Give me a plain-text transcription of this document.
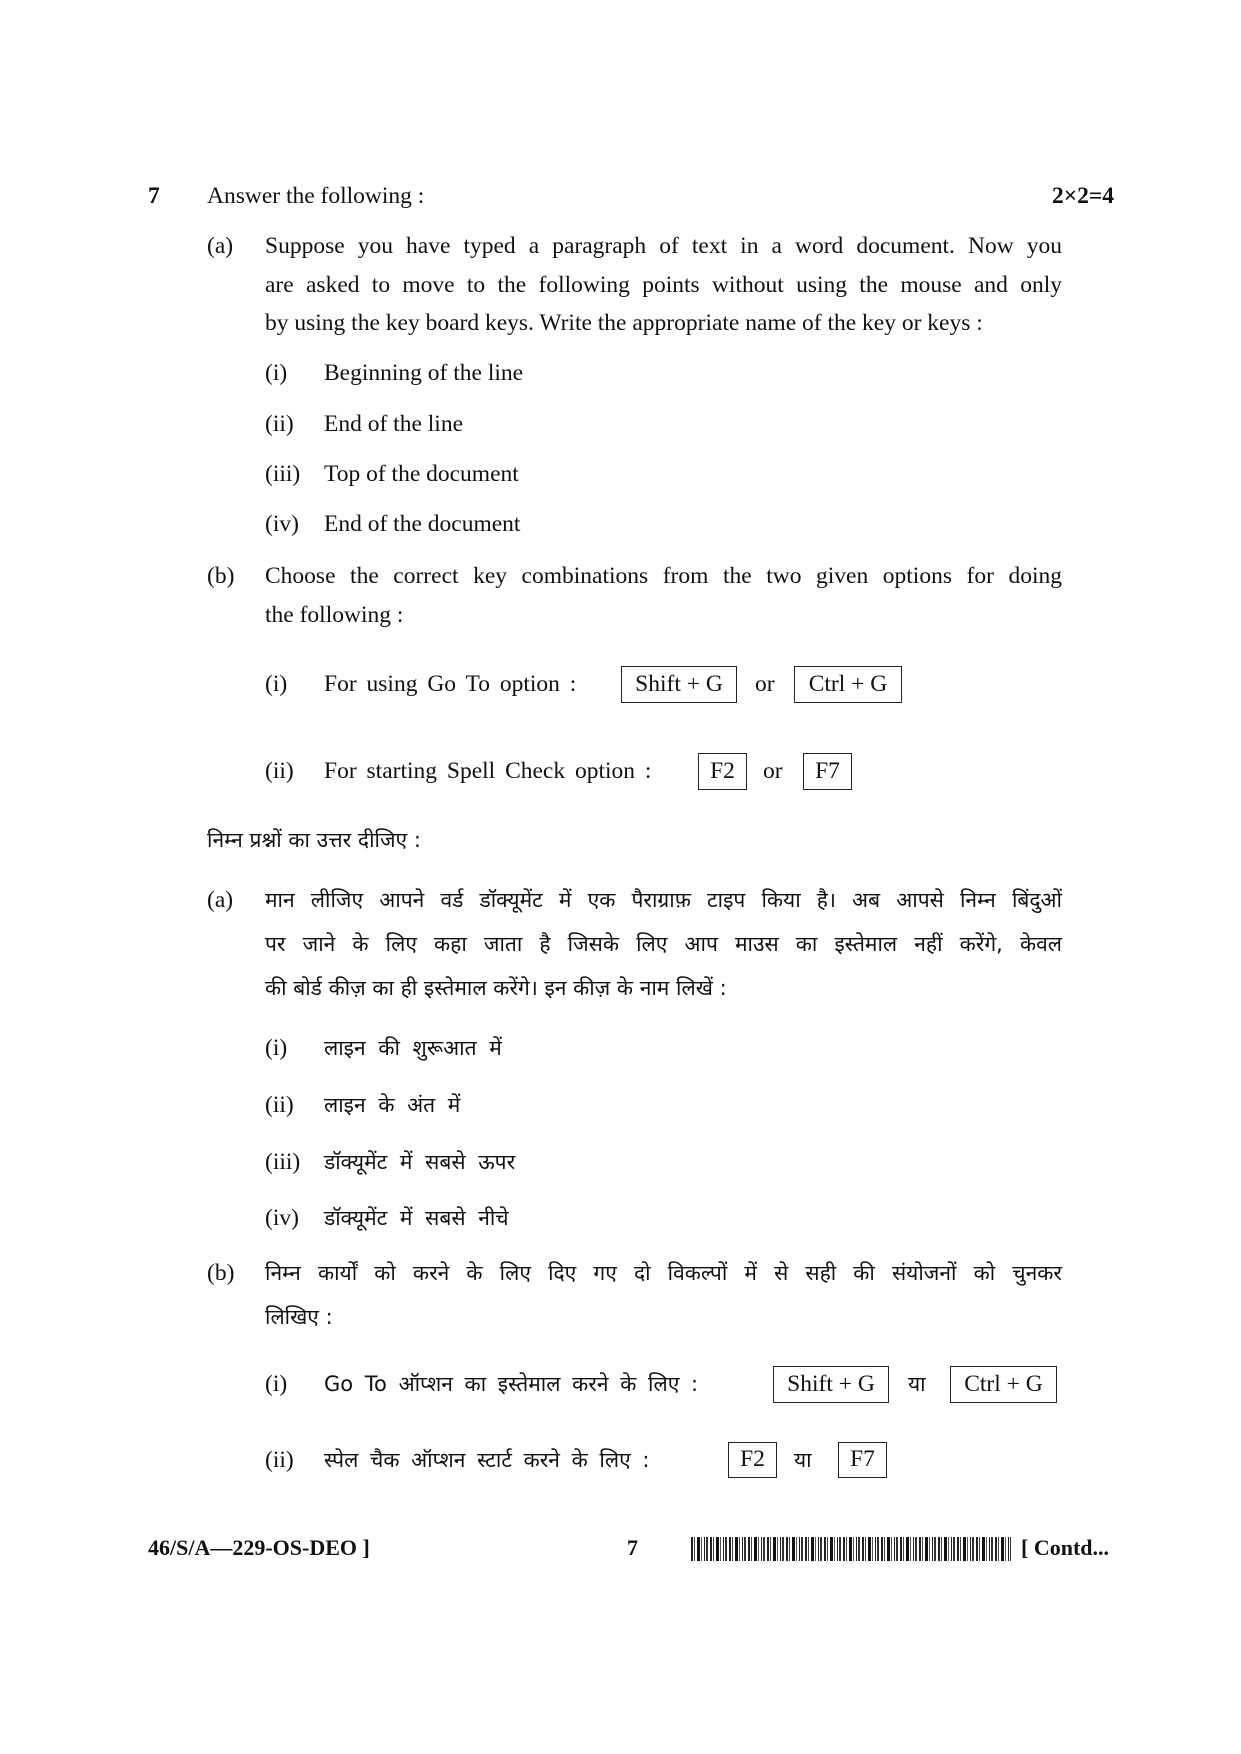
7 Answer the following :	2×2=4
(a) Suppose you have typed a paragraph of text in a word document. Now you
are asked to move to the following points without using the mouse and only
by using the key board keys. Write the appropriate name of the key or keys :
(i) Beginning of the line
(ii) End of the line
(iii) Top of the document
(iv) End of the document
(b) Choose the correct key combinations from the two given options for doing
the following :
(i) For using Go To option :	Shift + G	or	Ctrl + G
(ii) For starting Spell Check option :	F2	or	F7
निम्न प्रश्नों का उत्तर दीजिए :
(a) मान लीजिए आपने वर्ड डॉक्यूमेंट में एक पैराग्राफ़ टाइप किया है। अब आपसे निम्न बिंदुओं
पर जाने के लिए कहा जाता है जिसके लिए आप माउस का इस्तेमाल नहीं करेंगे, केवल
की बोर्ड कीज़ का ही इस्तेमाल करेंगे। इन कीज़ के नाम लिखें :
(i) लाइन की शुरूआत में
(ii) लाइन के अंत में
(iii) डॉक्यूमेंट में सबसे ऊपर
(iv) डॉक्यूमेंट में सबसे नीचे
(b) निम्न कार्यों को करने के लिए दिए गए दो विकल्पों में से सही की संयोजनों को चुनकर
लिखिए :
(i) Go To ऑप्शन का इस्तेमाल करने के लिए :	Shift + G	या	Ctrl + G
(ii) स्पेल चैक ऑप्शन स्टार्ट करने के लिए :	F2	या	F7
46/S/A—229-OS-DEO ]	7	[ Contd...
